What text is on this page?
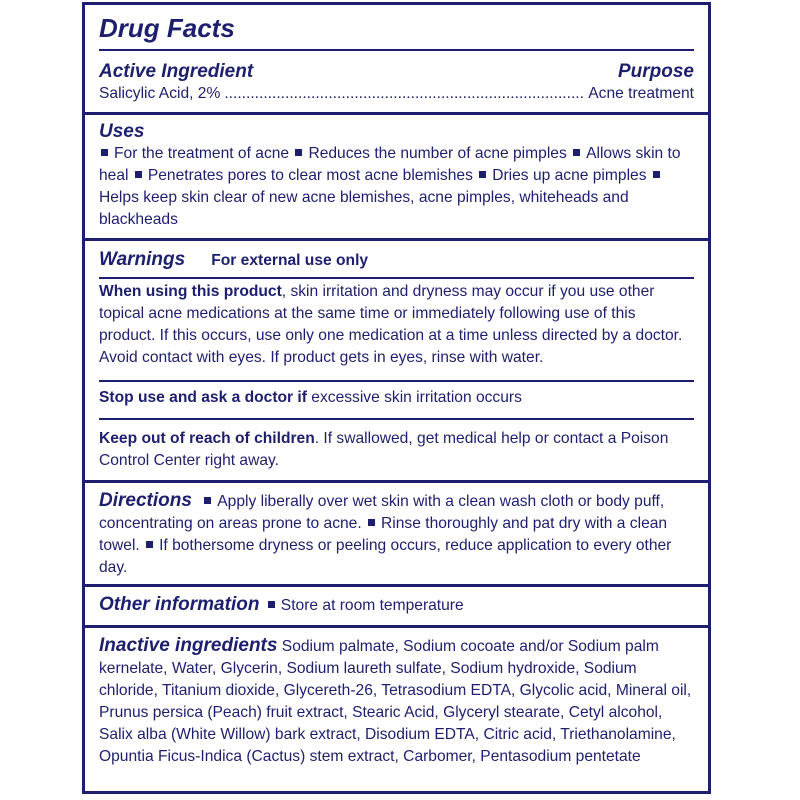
Drug Facts
Active Ingredient	Purpose
Salicylic Acid, 2%
.....	Acne treatment
Uses
For the treatment of acne Reduces the number of acne pimples Allows skin to heal Penetrates pores to clear most acne blemishes Dries up acne pimples Helps keep skin clear of new acne blemishes, acne pimples, whiteheads and blackheads
Warnings For external use only
When using this product, skin irritation and dryness may occur if you use other topical acne medications at the same time or immediately following use of this product. If this occurs, use only one medication at a time unless directed by a doctor. Avoid contact with eyes. If product gets in eyes, rinse with water.
Stop use and ask a doctor if excessive skin irritation occurs
Keep out of reach of children. If swallowed, get medical help or contact a Poison Control Center right away.
Directions Apply liberally over wet skin with a clean wash cloth or body puff, concentrating on areas prone to acne. Rinse thoroughly and pat dry with a clean towel. If bothersome dryness or peeling occurs, reduce application to every other day.
Other information Store at room temperature
Inactive ingredients Sodium palmate, Sodium cocoate and/or Sodium palm kernelate, Water, Glycerin, Sodium laureth sulfate, Sodium hydroxide, Sodium chloride, Titanium dioxide, Glycereth-26, Tetrasodium EDTA, Glycolic acid, Mineral oil, Prunus persica (Peach) fruit extract, Stearic Acid, Glyceryl stearate, Cetyl alcohol, Salix alba (White Willow) bark extract, Disodium EDTA, Citric acid, Triethanolamine, Opuntia Ficus-Indica (Cactus) stem extract, Carbomer, Pentasodium pentetate
